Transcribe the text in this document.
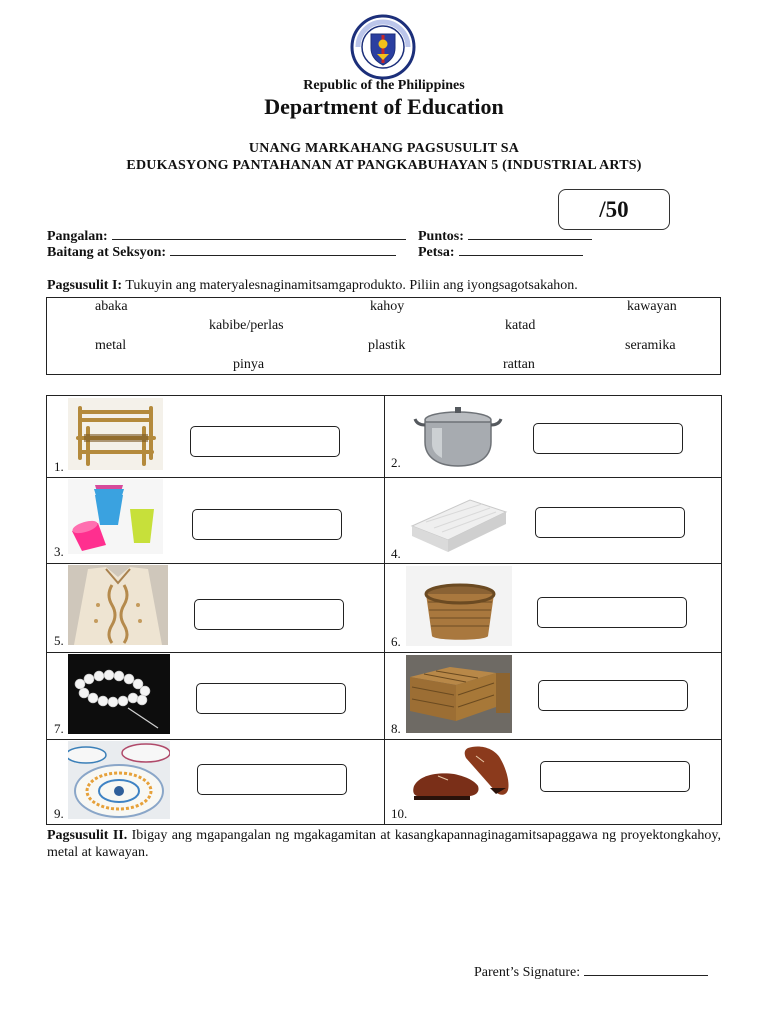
Republic of the Philippines
Department of Education
UNANG MARKAHANG PAGSUSULIT SA
EDUKASYONG PANTAHANAN AT PANGKABUHAYAN 5 (INDUSTRIAL ARTS)
/50
Pangalan:	Puntos:
Baitang at Seksyon:	Petsa:
Pagsusulit I: Tukuyin ang materyalesnaginamitsamgaprodukto. Piliin ang iyongsagotsakahon.
abaka	kahoy	kawayan
kabibe/perlas	katad
metal	plastik	seramika
pinya	rattan
1.	2.
3.	4.
5.	6.
7.	8.
9.	10.
Pagsusulit II. Ibigay ang mgapangalan ng mgakagamitan at kasangkapannaginagamitsapaggawa ng proyektongkahoy, metal at kawayan.
Parent’s Signature:
